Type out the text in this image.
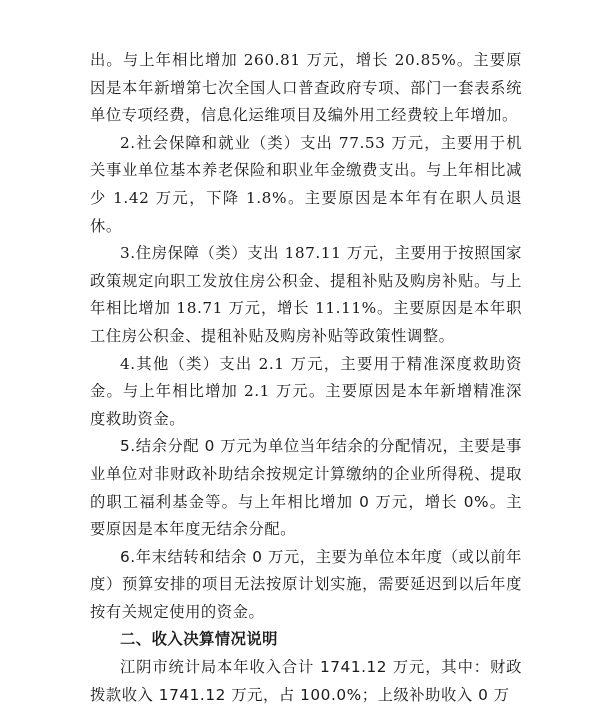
出。与上年相比增加 260.81 万元，增长 20.85%。主要原因是本年新增第七次全国人口普查政府专项、部门一套表系统单位专项经费，信息化运维项目及编外用工经费较上年增加。

2.社会保障和就业（类）支出 77.53 万元，主要用于机关事业单位基本养老保险和职业年金缴费支出。与上年相比减少 1.42 万元，下降 1.8%。主要原因是本年有在职人员退休。

3.住房保障（类）支出 187.11 万元，主要用于按照国家政策规定向职工发放住房公积金、提租补贴及购房补贴。与上年相比增加 18.71 万元，增长 11.11%。主要原因是本年职工住房公积金、提租补贴及购房补贴等政策性调整。

4.其他（类）支出 2.1 万元，主要用于精准深度救助资金。与上年相比增加 2.1 万元。主要原因是本年新增精准深度救助资金。

5.结余分配 0 万元为单位当年结余的分配情况，主要是事业单位对非财政补助结余按规定计算缴纳的企业所得税、提取的职工福利基金等。与上年相比增加 0 万元，增长 0%。主要原因是本年度无结余分配。

6.年末结转和结余 0 万元，主要为单位本年度（或以前年度）预算安排的项目无法按原计划实施，需要延迟到以后年度按有关规定使用的资金。

二、收入决算情况说明

江阴市统计局本年收入合计 1741.12 万元，其中：财政拨款收入 1741.12 万元，占 100.0%；上级补助收入 0 万
